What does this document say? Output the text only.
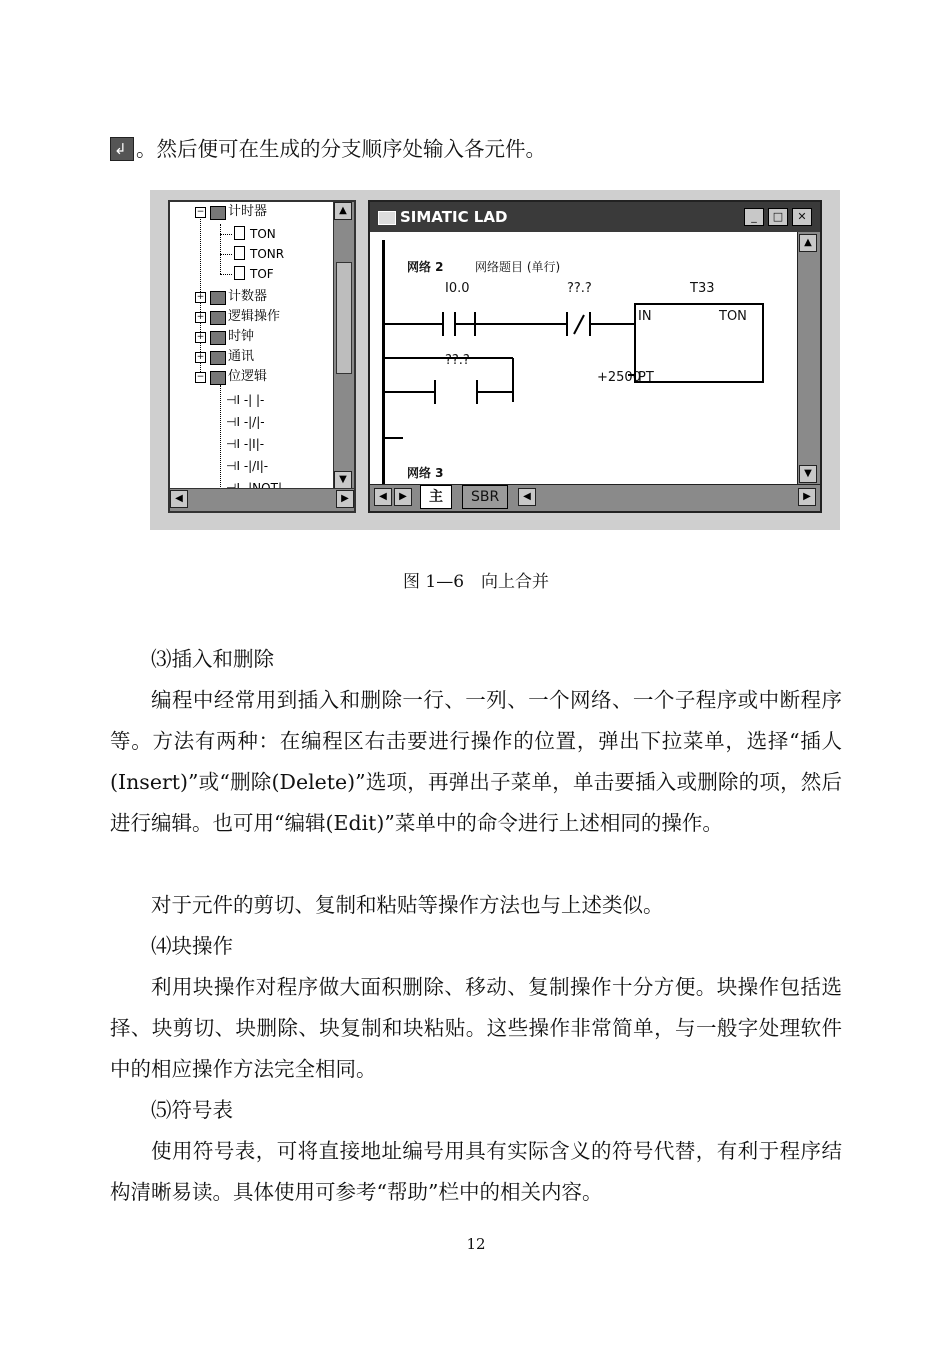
↲ 。然后便可在生成的分支顺序处输入各元件。
− 计时器
TON
TONR
TOF
+ 计数器
+ 逻辑操作
+ 时钟
+ 通讯
− 位逻辑
⊣I -| |-
⊣I -|/|-
⊣I -|I|-
⊣I -|/I|-
▲
▼
◀	▶
SIMATIC LAD	_	□	✕
网络 2	网络题目 (单行)
I0.0	??.?	T33
??.?
+2500
IN	TON
PT
网络 3
▲
▼
◀	▶	主	SBR	◀	▶
图 1—6　向上合并
⑶插入和删除
编程中经常用到插入和删除一行、一列、一个网络、一个子程序或中断程序等。方法有两种：在编程区右击要进行操作的位置，弹出下拉菜单，选择“插人(Insert)”或“删除(Delete)”选项，再弹出子菜单，单击要插入或删除的项，然后进行编辑。也可用“编辑(Edit)”菜单中的命令进行上述相同的操作。
对于元件的剪切、复制和粘贴等操作方法也与上述类似。
⑷块操作
利用块操作对程序做大面积删除、移动、复制操作十分方便。块操作包括选择、块剪切、块删除、块复制和块粘贴。这些操作非常简单，与一般字处理软件中的相应操作方法完全相同。
⑸符号表
使用符号表，可将直接地址编号用具有实际含义的符号代替，有利于程序结构清晰易读。具体使用可参考“帮助”栏中的相关内容。
12
